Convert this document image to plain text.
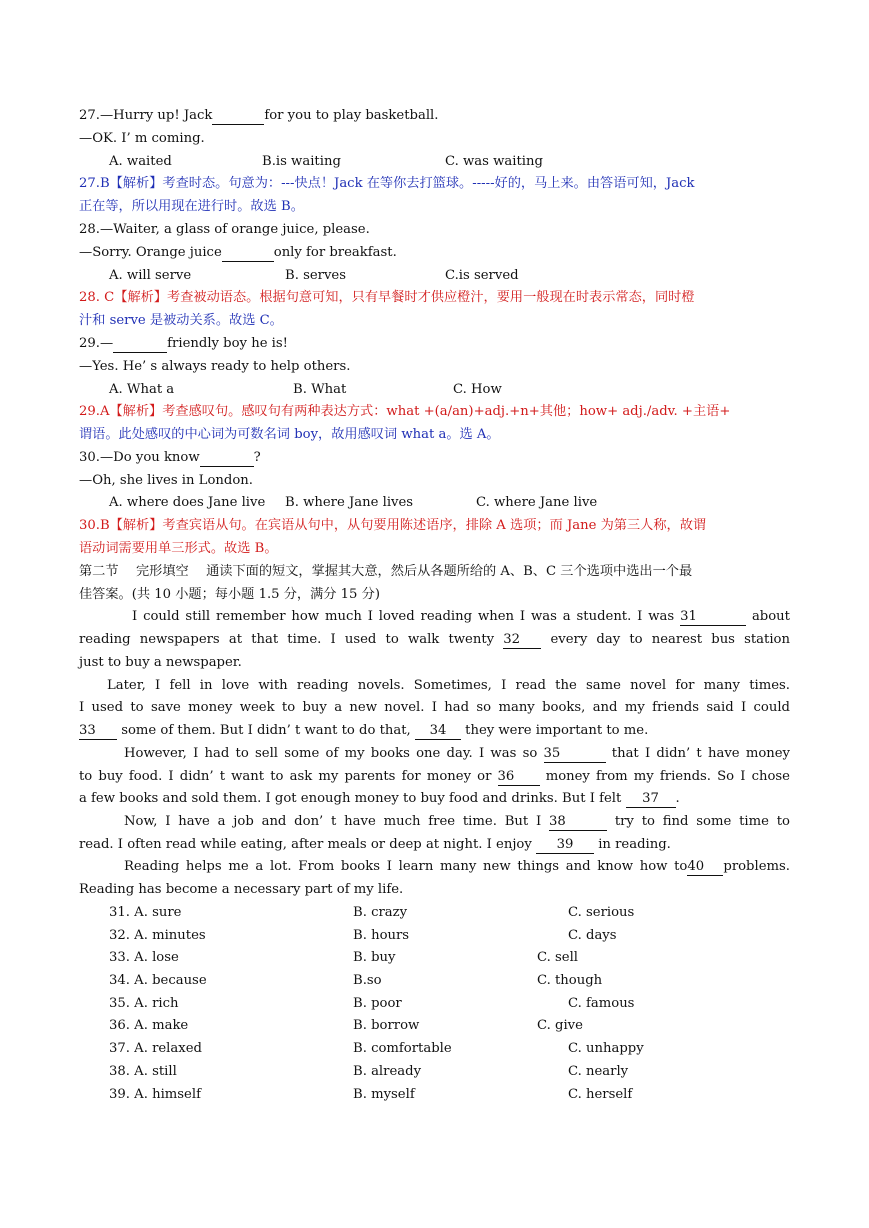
27.—Hurry up! Jack	for you to play basketball.
—OK. I’ m coming.
A. waited	B.is waiting	C. was waiting
27.B【解析】考查时态。句意为：---快点！Jack 在等你去打篮球。-----好的，马上来。由答语可知，Jack
正在等，所以用现在进行时。故选 B。
28.—Waiter, a glass of orange juice, please.
—Sorry. Orange juice	only for breakfast.
A. will serve	B. serves	C.is served
28. C【解析】考查被动语态。根据句意可知，只有早餐时才供应橙汁，要用一般现在时表示常态，同时橙
汁和 serve 是被动关系。故选 C。
29.—	friendly boy he is!
—Yes. He’ s always ready to help others.
A. What a	B. What	C. How
29.A【解析】考查感叹句。感叹句有两种表达方式：what +(a/an)+adj.+n+其他；how+ adj./adv. +主语+
谓语。此处感叹的中心词为可数名词 boy，故用感叹词 what a。选 A。
30.—Do you know	?
—Oh, she lives in London.
A. where does Jane live B. where Jane lives	C. where Jane live
30.B【解析】考查宾语从句。在宾语从句中，从句要用陈述语序，排除 A 选项；而 Jane 为第三人称，故谓
语动词需要用单三形式。故选 B。
第二节　 完形填空　 通读下面的短文，掌握其大意，然后从各题所给的 A、B、C 三个选项中选出一个最
佳答案。(共 10 小题；每小题 1.5 分，满分 15 分)
I could still remember how much I loved reading when I was a student. I was 31	about
reading newspapers at that time. I used to walk twenty 32 every day to nearest bus station
just to buy a newspaper.
Later, I fell in love with reading novels. Sometimes, I read the same novel for many times.
I used to save money week to buy a new novel. I had so many books, and my friends said I could
33 some of them. But I didn’ t want to do that, 34 they were important to me.
However, I had to sell some of my books one day. I was so 35	that I didn’ t have money
to buy food. I didn’ t want to ask my parents for money or 36 money from my friends. So I chose
a few books and sold them. I got enough money to buy food and drinks. But I felt 37 .
Now, I have a job and don’ t have much free time. But I 38	try to find some time to
read. I often read while eating, after meals or deep at night. I enjoy 39 in reading.
Reading helps me a lot. From books I learn many new things and know how to40 problems.
Reading has become a necessary part of my life.
31. A. sure	B. crazy	C. serious
32. A. minutes	B. hours	C. days
33. A. lose	B. buy	C. sell
34. A. because	B.so	C. though
35. A. rich	B. poor	C. famous
36. A. make	B. borrow	C. give
37. A. relaxed	B. comfortable	C. unhappy
38. A. still	B. already	C. nearly
39. A. himself	B. myself	C. herself
